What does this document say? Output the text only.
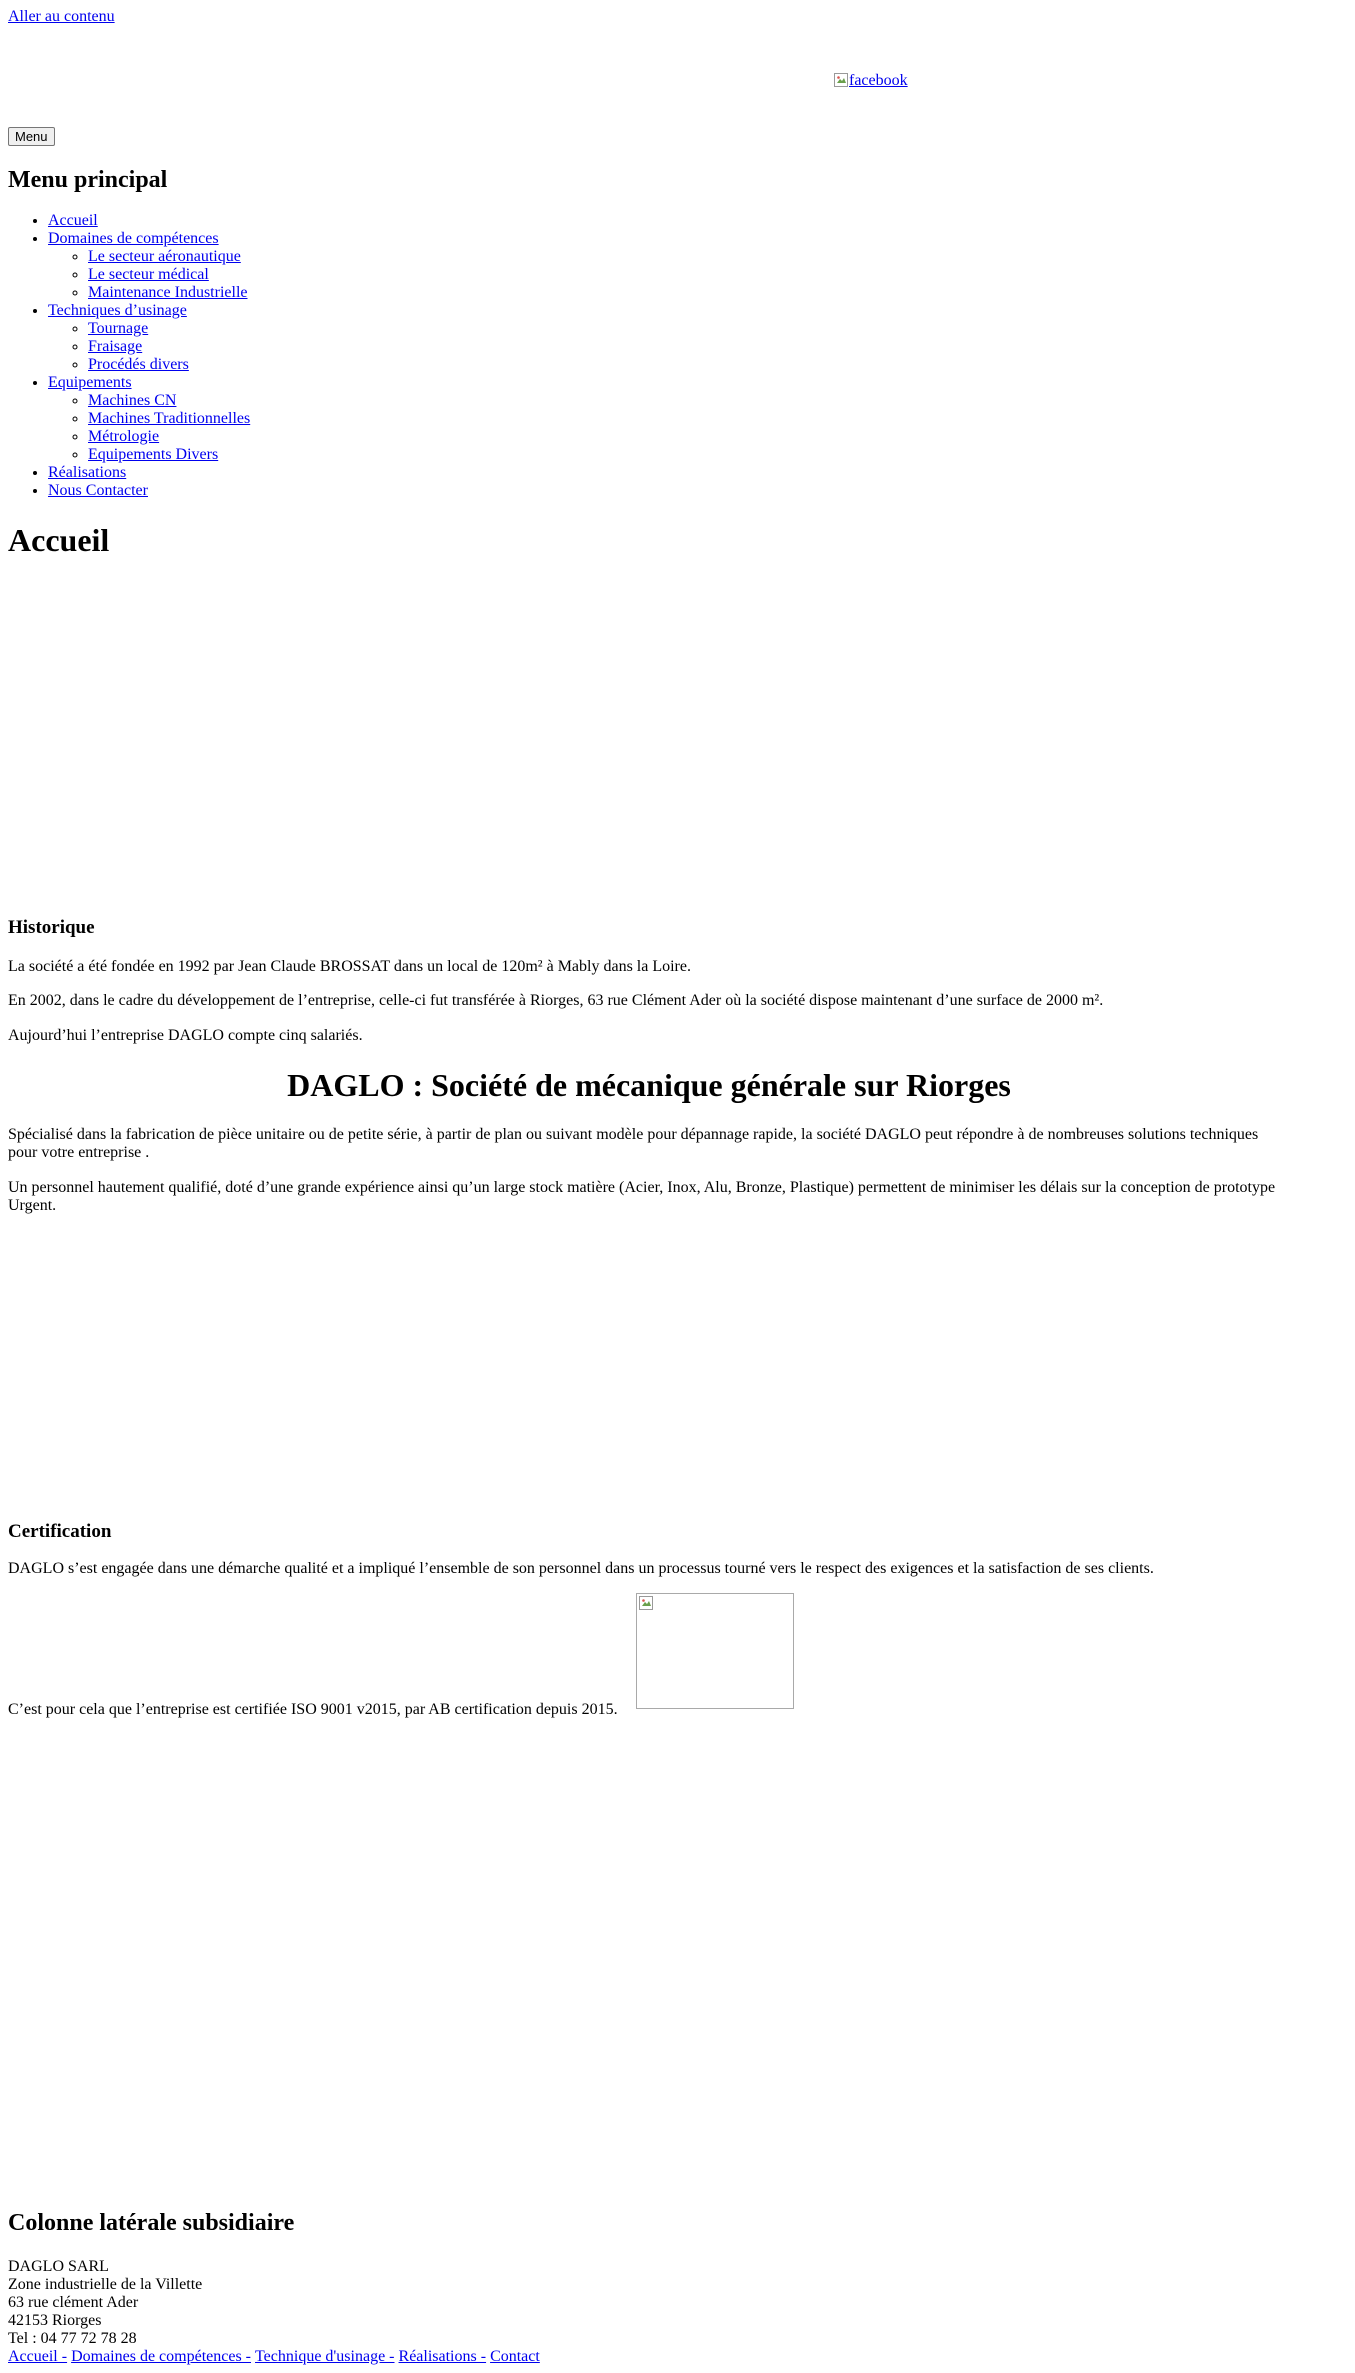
Aller au contenu
facebook
Menu
Menu principal
• Accueil
• Domaines de compétences
◦ Le secteur aéronautique
◦ Le secteur médical
◦ Maintenance Industrielle
• Techniques d’usinage
◦ Tournage
◦ Fraisage
◦ Procédés divers
• Equipements
◦ Machines CN
◦ Machines Traditionnelles
◦ Métrologie
◦ Equipements Divers
• Réalisations
• Nous Contacter
Accueil
Historique

La société a été fondée en 1992 par Jean Claude BROSSAT dans un local de 120m² à Mably dans la Loire.

En 2002, dans le cadre du développement de l’entreprise, celle-ci fut transférée à Riorges, 63 rue Clément Ader où la société dispose maintenant d’une surface de 2000 m².

Aujourd’hui l’entreprise DAGLO compte cinq salariés.

DAGLO : Société de mécanique générale sur Riorges

Spécialisé dans la fabrication de pièce unitaire ou de petite série, à partir de plan ou suivant modèle pour dépannage rapide, la société DAGLO peut répondre à de nombreuses solutions techniques pour votre entreprise .

Un personnel hautement qualifié, doté d’une grande expérience ainsi qu’un large stock matière (Acier, Inox, Alu, Bronze, Plastique) permettent de minimiser les délais sur la conception de prototype Urgent.

Certification

DAGLO s’est engagée dans une démarche qualité et a impliqué l’ensemble de son personnel dans un processus tourné vers le respect des exigences et la satisfaction de ses clients.

C’est pour cela que l’entreprise est certifiée ISO 9001 v2015, par AB certification depuis 2015.

Colonne latérale subsidiaire
DAGLO SARL
Zone industrielle de la Villette
63 rue clément Ader
42153 Riorges
Tel : 04 77 72 78 28
Accueil - Domaines de compétences - Technique d'usinage - Réalisations - Contact
